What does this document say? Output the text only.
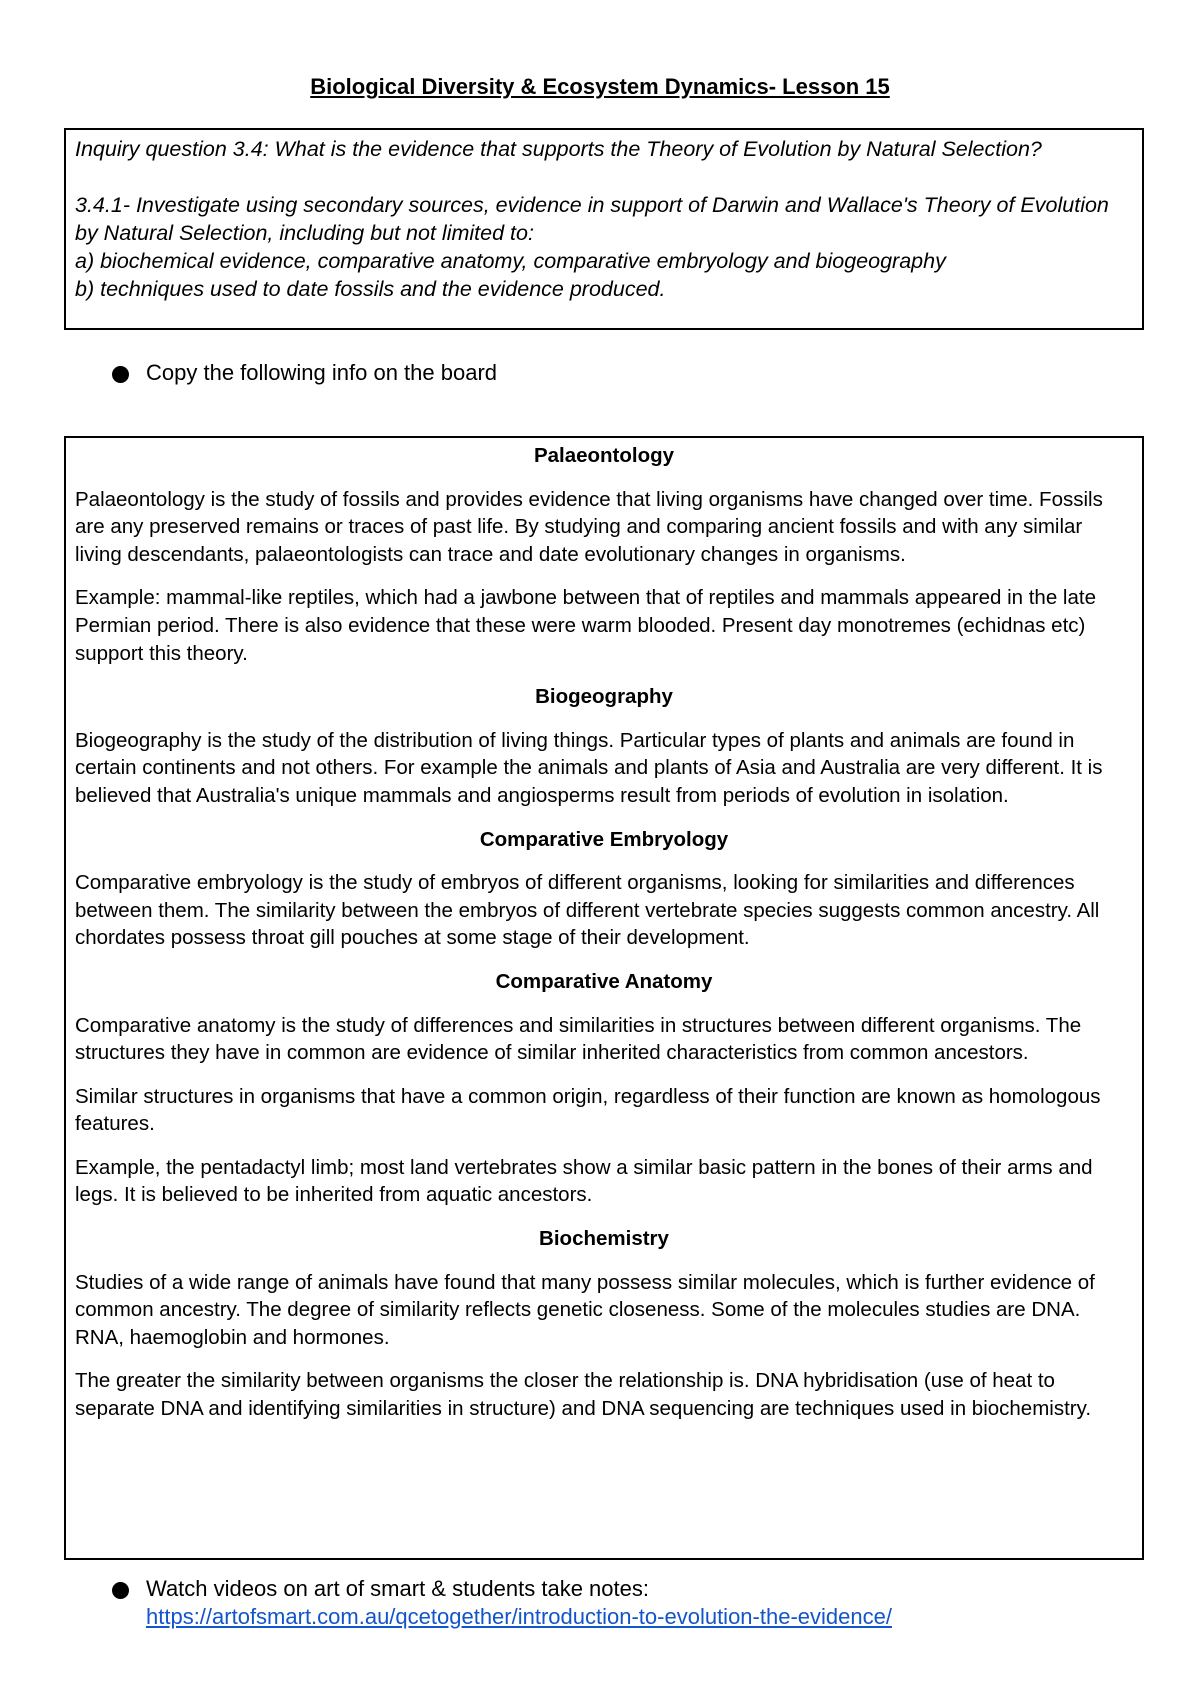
Biological Diversity & Ecosystem Dynamics- Lesson 15

Inquiry question 3.4: What is the evidence that supports the Theory of Evolution by Natural Selection?

3.4.1- Investigate using secondary sources, evidence in support of Darwin and Wallace's Theory of Evolution by Natural Selection, including but not limited to:

a) biochemical evidence, comparative anatomy, comparative embryology and biogeography

b) techniques used to date fossils and the evidence produced.

Copy the following info on the board
Palaeontology

Palaeontology is the study of fossils and provides evidence that living organisms have changed over time. Fossils are any preserved remains or traces of past life. By studying and comparing ancient fossils and with any similar living descendants, palaeontologists can trace and date evolutionary changes in organisms.

Example: mammal-like reptiles, which had a jawbone between that of reptiles and mammals appeared in the late Permian period. There is also evidence that these were warm blooded. Present day monotremes (echidnas etc) support this theory.

Biogeography

Biogeography is the study of the distribution of living things. Particular types of plants and animals are found in certain continents and not others. For example the animals and plants of Asia and Australia are very different. It is believed that Australia's unique mammals and angiosperms result from periods of evolution in isolation.

Comparative Embryology

Comparative embryology is the study of embryos of different organisms, looking for similarities and differences between them. The similarity between the embryos of different vertebrate species suggests common ancestry. All chordates possess throat gill pouches at some stage of their development.

Comparative Anatomy

Comparative anatomy is the study of differences and similarities in structures between different organisms. The structures they have in common are evidence of similar inherited characteristics from common ancestors.

Similar structures in organisms that have a common origin, regardless of their function are known as homologous features.

Example, the pentadactyl limb; most land vertebrates show a similar basic pattern in the bones of their arms and legs. It is believed to be inherited from aquatic ancestors.

Biochemistry

Studies of a wide range of animals have found that many possess similar molecules, which is further evidence of common ancestry. The degree of similarity reflects genetic closeness. Some of the molecules studies are DNA. RNA, haemoglobin and hormones.

The greater the similarity between organisms the closer the relationship is. DNA hybridisation (use of heat to separate DNA and identifying similarities in structure) and DNA sequencing are techniques used in biochemistry.

Watch videos on art of smart & students take notes:
https://artofsmart.com.au/qcetogether/introduction-to-evolution-the-evidence/
